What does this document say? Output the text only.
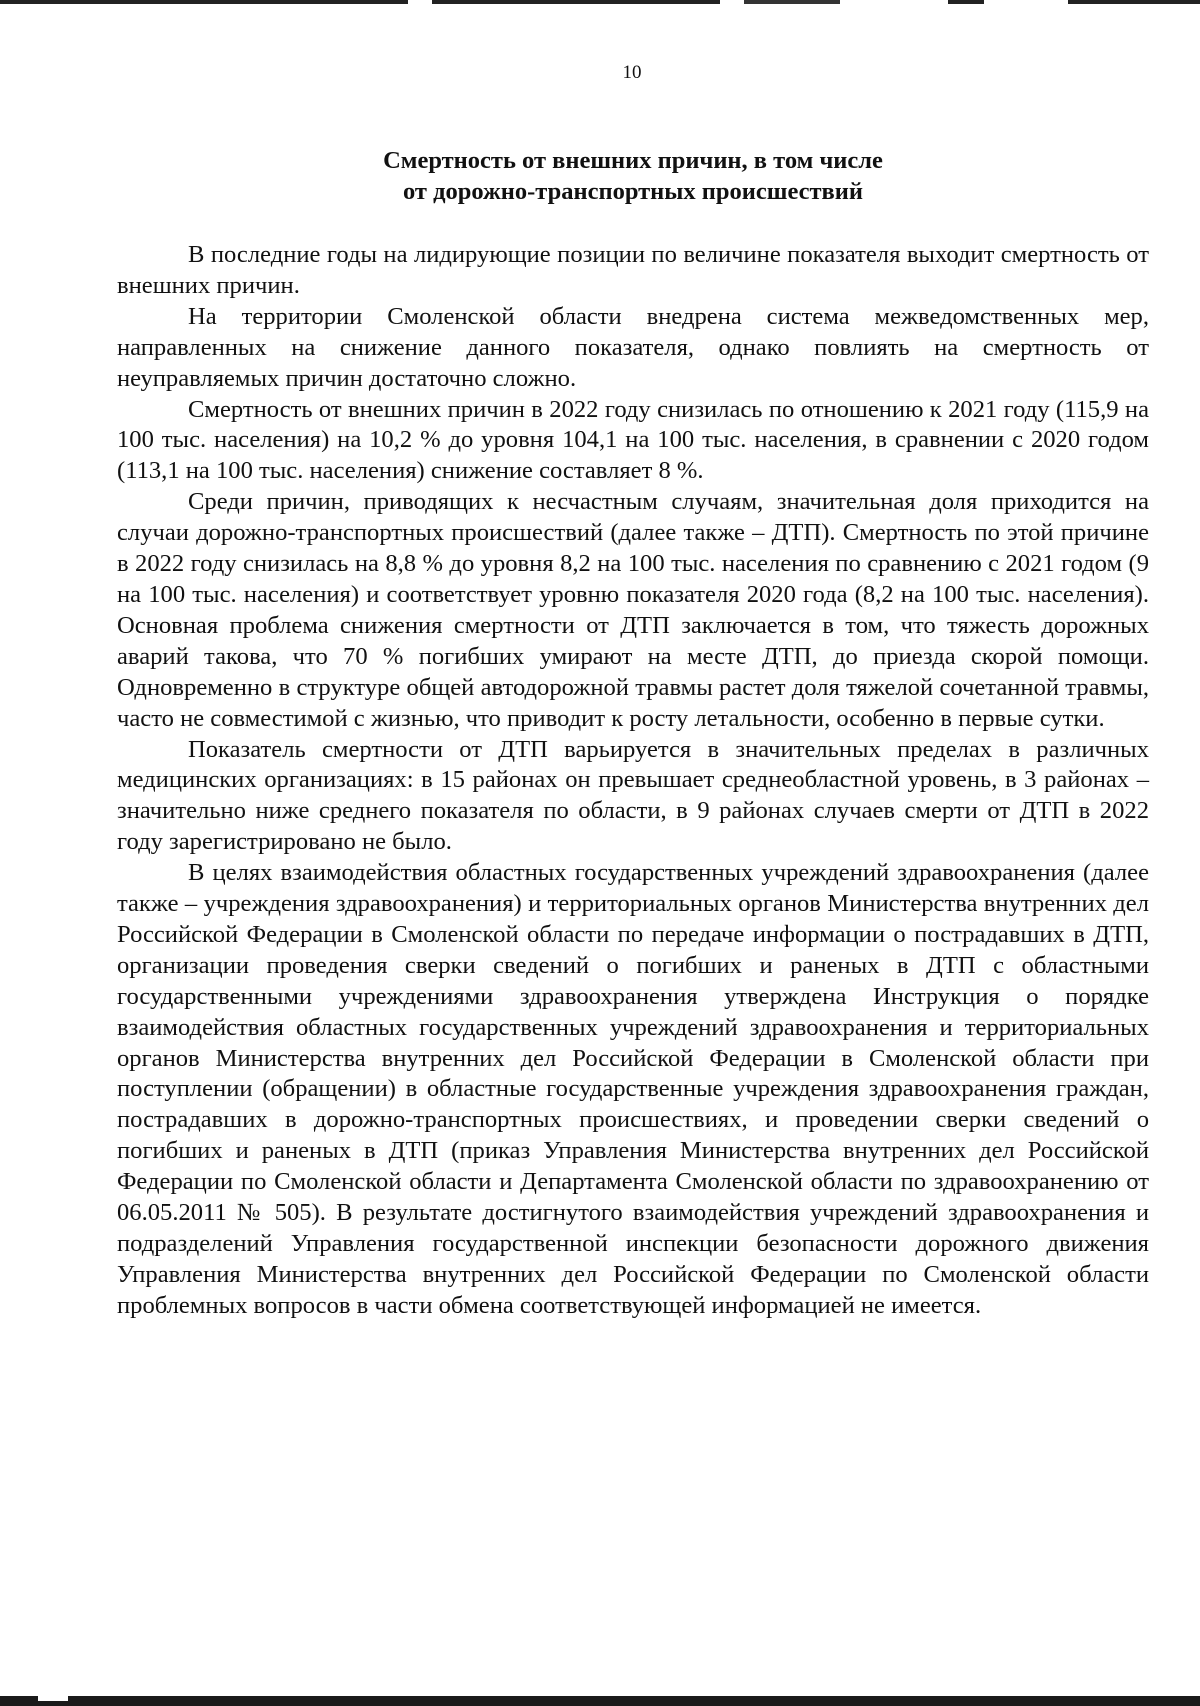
10
Смертность от внешних причин, в том числе
от дорожно-транспортных происшествий

В последние годы на лидирующие позиции по величине показателя выходит смертность от внешних причин.

На территории Смоленской области внедрена система межведомственных мер, направленных на снижение данного показателя, однако повлиять на смертность от неуправляемых причин достаточно сложно.

Смертность от внешних причин в 2022 году снизилась по отношению к 2021 году (115,9 на 100 тыс. населения) на 10,2 % до уровня 104,1 на 100 тыс. населения, в сравнении с 2020 годом (113,1 на 100 тыс. населения) снижение составляет 8 %.

Среди причин, приводящих к несчастным случаям, значительная доля приходится на случаи дорожно-транспортных происшествий (далее также – ДТП). Смертность по этой причине в 2022 году снизилась на 8,8 % до уровня 8,2 на 100 тыс. населения по сравнению с 2021 годом (9 на 100 тыс. населения) и соответствует уровню показателя 2020 года (8,2 на 100 тыс. населения). Основная проблема снижения смертности от ДТП заключается в том, что тяжесть дорожных аварий такова, что 70 % погибших умирают на месте ДТП, до приезда скорой помощи. Одновременно в структуре общей автодорожной травмы растет доля тяжелой сочетанной травмы, часто не совместимой с жизнью, что приводит к росту летальности, особенно в первые сутки.

Показатель смертности от ДТП варьируется в значительных пределах в различных медицинских организациях: в 15 районах он превышает среднеобластной уровень, в 3 районах – значительно ниже среднего показателя по области, в 9 районах случаев смерти от ДТП в 2022 году зарегистрировано не было.

В целях взаимодействия областных государственных учреждений здравоохранения (далее также – учреждения здравоохранения) и территориальных органов Министерства внутренних дел Российской Федерации в Смоленской области по передаче информации о пострадавших в ДТП, организации проведения сверки сведений о погибших и раненых в ДТП с областными государственными учреждениями здравоохранения утверждена Инструкция о порядке взаимодействия областных государственных учреждений здравоохранения и территориальных органов Министерства внутренних дел Российской Федерации в Смоленской области при поступлении (обращении) в областные государственные учреждения здравоохранения граждан, пострадавших в дорожно-транспортных происшествиях, и проведении сверки сведений о погибших и раненых в ДТП (приказ Управления Министерства внутренних дел Российской Федерации по Смоленской области и Департамента Смоленской области по здравоохранению от 06.05.2011 № 505). В результате достигнутого взаимодействия учреждений здравоохранения и подразделений Управления государственной инспекции безопасности дорожного движения Управления Министерства внутренних дел Российской Федерации по Смоленской области проблемных вопросов в части обмена соответствующей информацией не имеется.
